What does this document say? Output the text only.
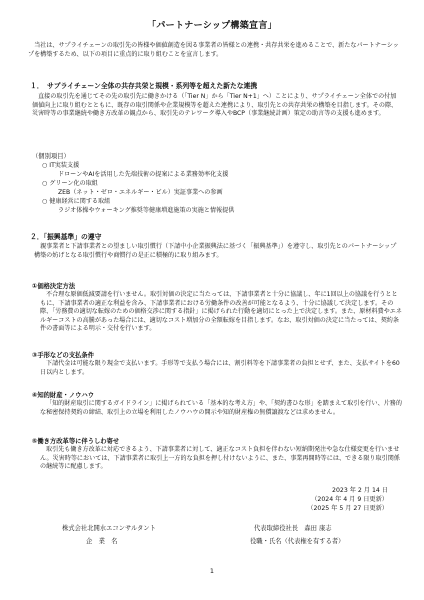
「パートナーシップ構築宣言」

　当社は、サプライチェーンの取引先の皆様や価値創造を図る事業者の皆様との連携・共存共栄を進めることで、新たなパートナーシップを構築するため、以下の項目に重点的に取り組むことを宣言します。

１．　サプライチェーン全体の共存共栄と規模・系列等を超えた新たな連携

　直接の取引先を通じてその先の取引先に働きかける（「Tier N」から「Tier N+1」へ）ことにより、サプライチェーン全体での付加価値向上に取り組むとともに、既存の取引関係や企業規模等を超えた連携により、取引先との共存共栄の構築を目指します。その際、災害時等の事業継続や働き方改革の観点から、取引先のテレワーク導入やBCP（事業継続計画）策定の助言等の支援も進めます。

（個別項目）
○ IT実装支援
ドローンやAIを活用した先端技術の提案による業務効率化支援
○ グリーン化の取組
ZEB（ネット・ゼロ・エネルギー・ビル）実証事業への参画
○ 健康経営に関する取組
ラジオ体操やウォーキング推奨等健康増進施策の実施と情報提供
２．「振興基準」の遵守

　親事業者と下請事業者との望ましい取引慣行（下請中小企業振興法に基づく「振興基準」）を遵守し、取引先とのパートナーシップ構築の妨げとなる取引慣行や商慣行の是正に積極的に取り組みます。

①価格決定方法

不合理な原価低減要請を行いません。取引対価の決定に当たっては、下請事業者と十分に協議し、年に1回以上の協議を行うとともに、下請事業者の適正な利益を含み、下請事業者における労働条件の改善が可能となるよう、十分に協議して決定します。その際、「労務費の適切な転嫁のための価格交渉に関する指針」に掲げられた行動を適切にとった上で決定します。また、原材料費やエネルギーコストの高騰があった場合には、適切なコスト増加分の全額転嫁を目指します。なお、取引対価の決定に当たっては、契約条件の書面等による明示・交付を行います。

③手形などの支払条件

下請代金は可能な限り現金で支払います。手形等で支払う場合には、割引料等を下請事業者の負担とせず、また、支払サイトを60日以内とします。

④知的財産・ノウハウ

「知的財産取引に関するガイドライン」に掲げられている「基本的な考え方」や、「契約書ひな形」を踏まえて取引を行い、片務的な秘密保持契約の締結、取引上の立場を利用したノウハウの開示や知的財産権の無償譲渡などは求めません。

⑤働き方改革等に伴うしわ寄せ

取引先も働き方改革に対応できるよう、下請事業者に対して、適正なコスト負担を伴わない短納期発注や急な仕様変更を行いません。災害時等においては、下請事業者に取引上一方的な負担を押し付けないように、また、事業再開時等には、できる限り取引関係の継続等に配慮します。

2023 年 2 月 14 日
（2024 年 4 月 9 日更新）
（2025 年 5 月 27 日更新）
株式会社北開水エコンサルタント
企　業　名
代表取締役社長　森田 康志
役職・氏名（代表権を有する者）
1
